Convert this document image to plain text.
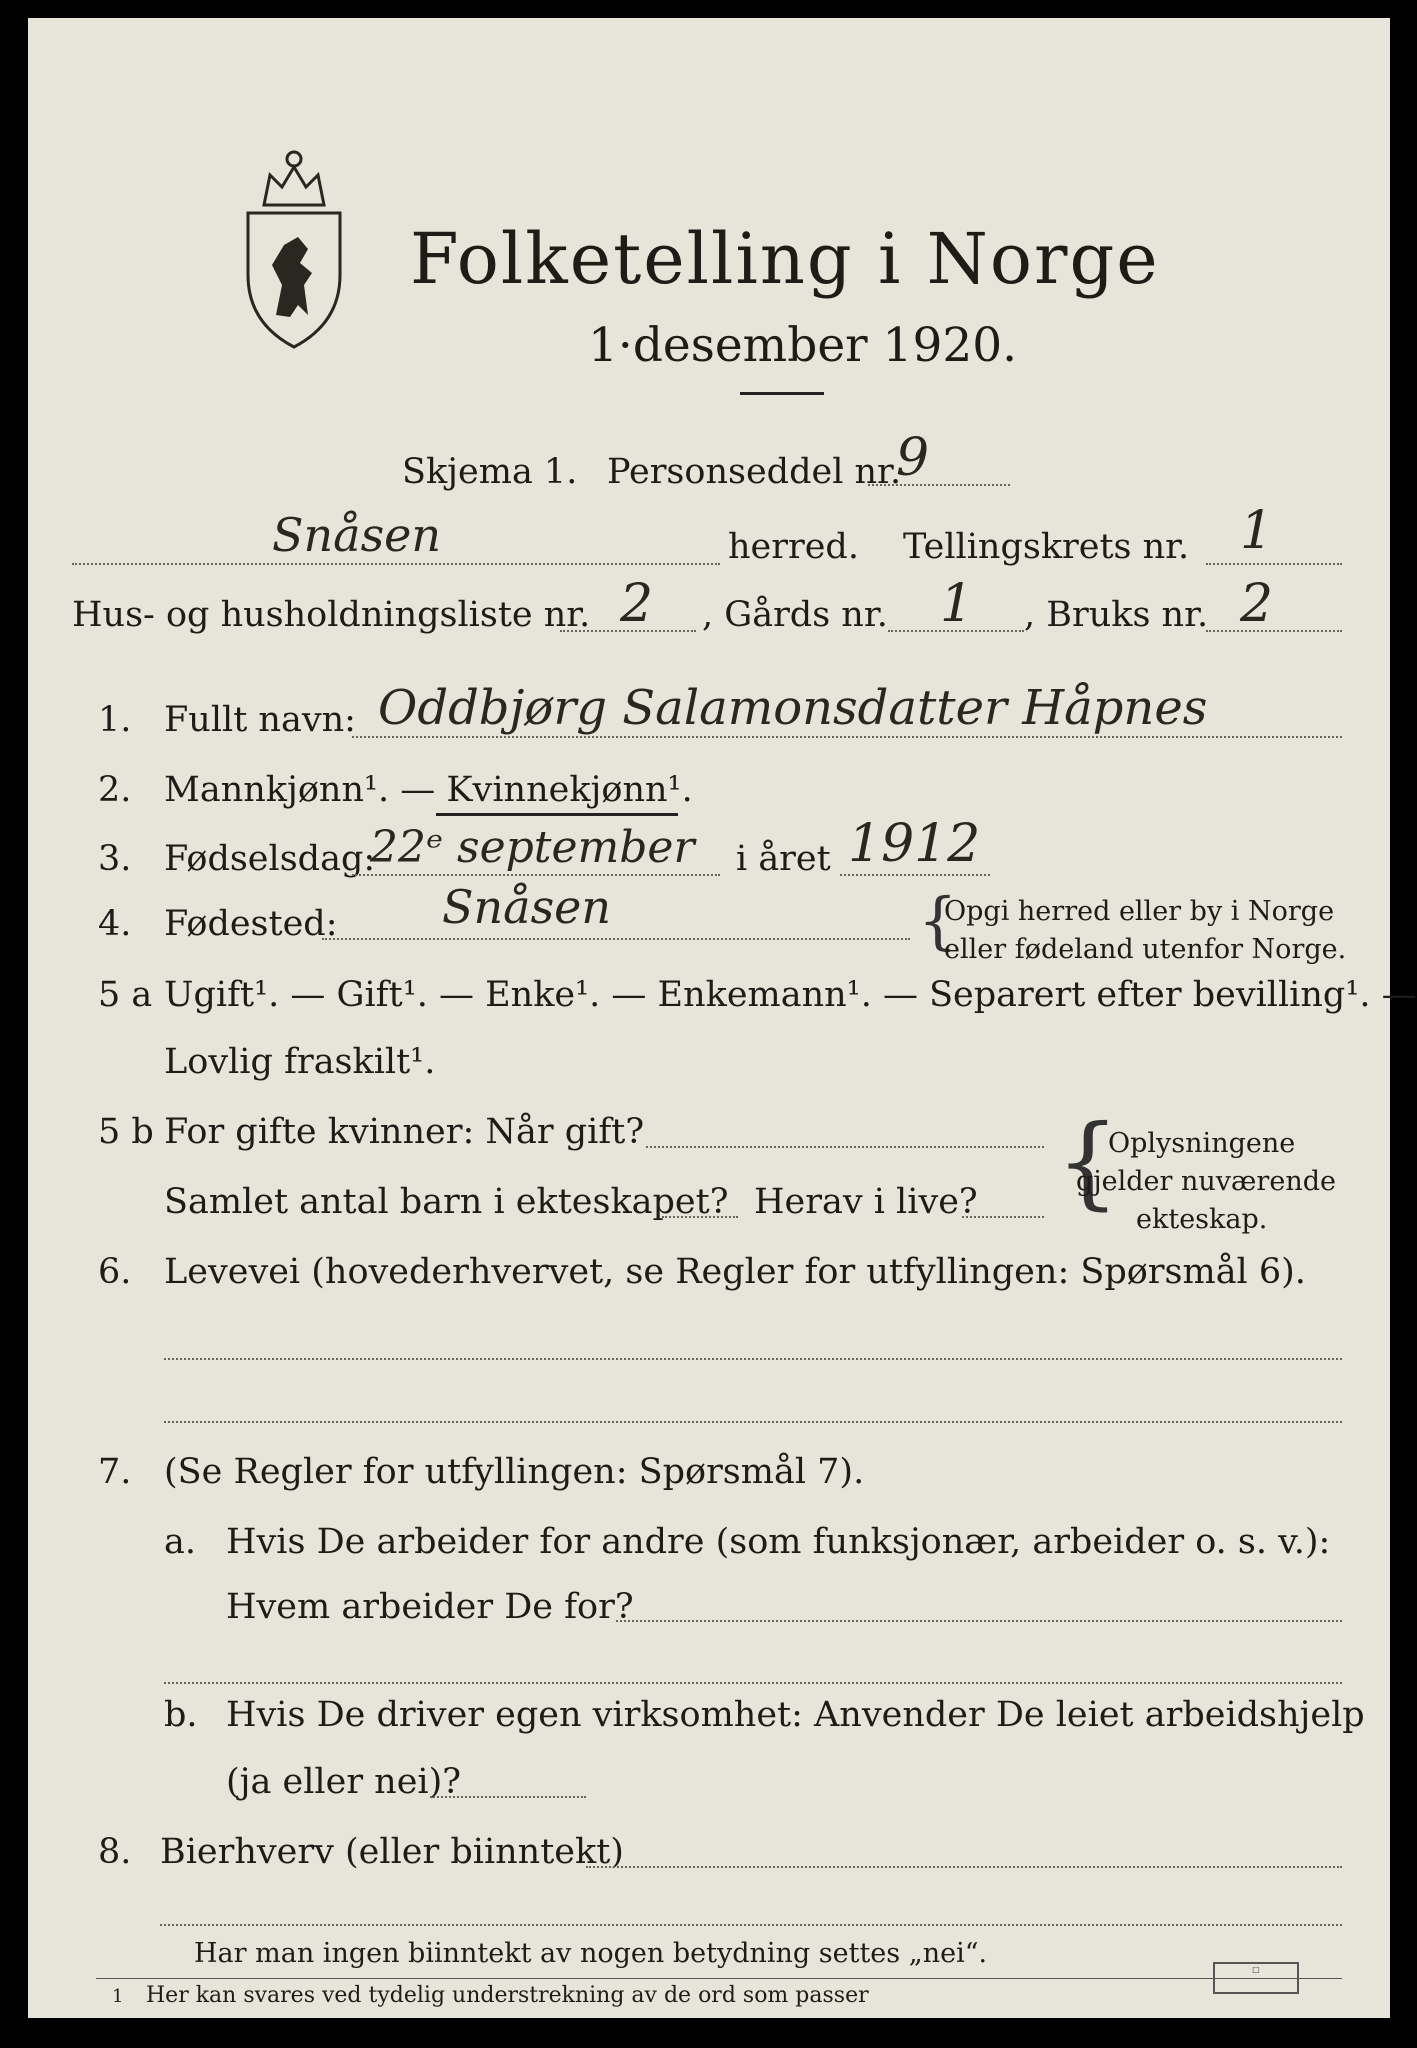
Folketelling i Norge
1·desember 1920.
Skjema 1. Personseddel nr.
9
Snåsen	herred. Tellingskrets nr. 1
Hus- og husholdningsliste nr. 2 , Gårds nr. 1 , Bruks nr. 2
1. Fullt navn: Oddbjørg Salamonsdatter Håpnes
2. Mannkjønn¹. — Kvinnekjønn¹.
3. Fødselsdag:
22ᵉ september i året 1912
4. Fødested: Snåsen	{
Opgi herred eller by i Norge
eller fødeland utenfor Norge.
5 a Ugift¹. — Gift¹. — Enke¹. — Enkemann¹. — Separert efter bevilling¹. —
Lovlig fraskilt¹.
5 b For gifte kvinner: Når gift?
Samlet antal barn i ekteskapet? Herav i live? {
Oplysningene
gjelder nuværende
ekteskap.
6. Levevei (hovederhvervet, se Regler for utfyllingen: Spørsmål 6).
7. (Se Regler for utfyllingen: Spørsmål 7).
a. Hvis De arbeider for andre (som funksjonær, arbeider o. s. v.):
Hvem arbeider De for?
b. Hvis De driver egen virksomhet: Anvender De leiet arbeidshjelp
(ja eller nei)?
8. Bierhverv (eller biinntekt)
Har man ingen biinntekt av nogen betydning settes „nei“.
1 Her kan svares ved tydelig understrekning av de ord som passer
□
